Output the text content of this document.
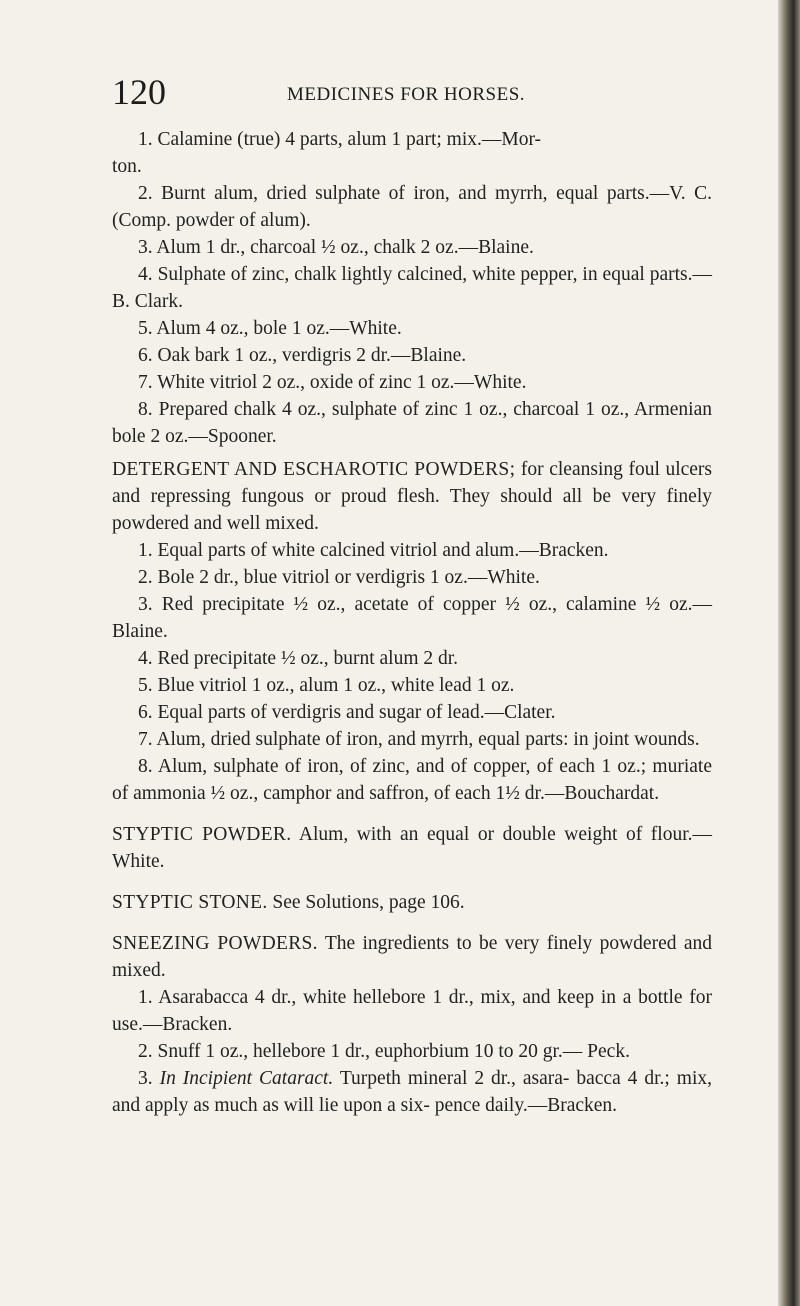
120	MEDICINES FOR HORSES.

1. Calamine (true) 4 parts, alum 1 part; mix.—Mor-

ton.

2. Burnt alum, dried sulphate of iron, and myrrh, equal parts.—V. C. (Comp. powder of alum).

3. Alum 1 dr., charcoal ½ oz., chalk 2 oz.—Blaine.

4. Sulphate of zinc, chalk lightly calcined, white pepper, in equal parts.—B. Clark.

5. Alum 4 oz., bole 1 oz.—White.

6. Oak bark 1 oz., verdigris 2 dr.—Blaine.

7. White vitriol 2 oz., oxide of zinc 1 oz.—White.

8. Prepared chalk 4 oz., sulphate of zinc 1 oz., charcoal 1 oz., Armenian bole 2 oz.—Spooner.

DETERGENT AND ESCHAROTIC POWDERS; for cleansing foul ulcers and repressing fungous or proud flesh. They should all be very finely powdered and well mixed.

1. Equal parts of white calcined vitriol and alum.—Bracken.

2. Bole 2 dr., blue vitriol or verdigris 1 oz.—White.

3. Red precipitate ½ oz., acetate of copper ½ oz., calamine ½ oz.—Blaine.

4. Red precipitate ½ oz., burnt alum 2 dr.

5. Blue vitriol 1 oz., alum 1 oz., white lead 1 oz.

6. Equal parts of verdigris and sugar of lead.—Clater.

7. Alum, dried sulphate of iron, and myrrh, equal parts: in joint wounds.

8. Alum, sulphate of iron, of zinc, and of copper, of each 1 oz.; muriate of ammonia ½ oz., camphor and saffron, of each 1½ dr.—Bouchardat.

STYPTIC POWDER. Alum, with an equal or double weight of flour.—White.

STYPTIC STONE. See Solutions, page 106.

SNEEZING POWDERS. The ingredients to be very finely powdered and mixed.

1. Asarabacca 4 dr., white hellebore 1 dr., mix, and keep in a bottle for use.—Bracken.

2. Snuff 1 oz., hellebore 1 dr., euphorbium 10 to 20 gr.— Peck.

3. In Incipient Cataract. Turpeth mineral 2 dr., asara- bacca 4 dr.; mix, and apply as much as will lie upon a six- pence daily.—Bracken.
